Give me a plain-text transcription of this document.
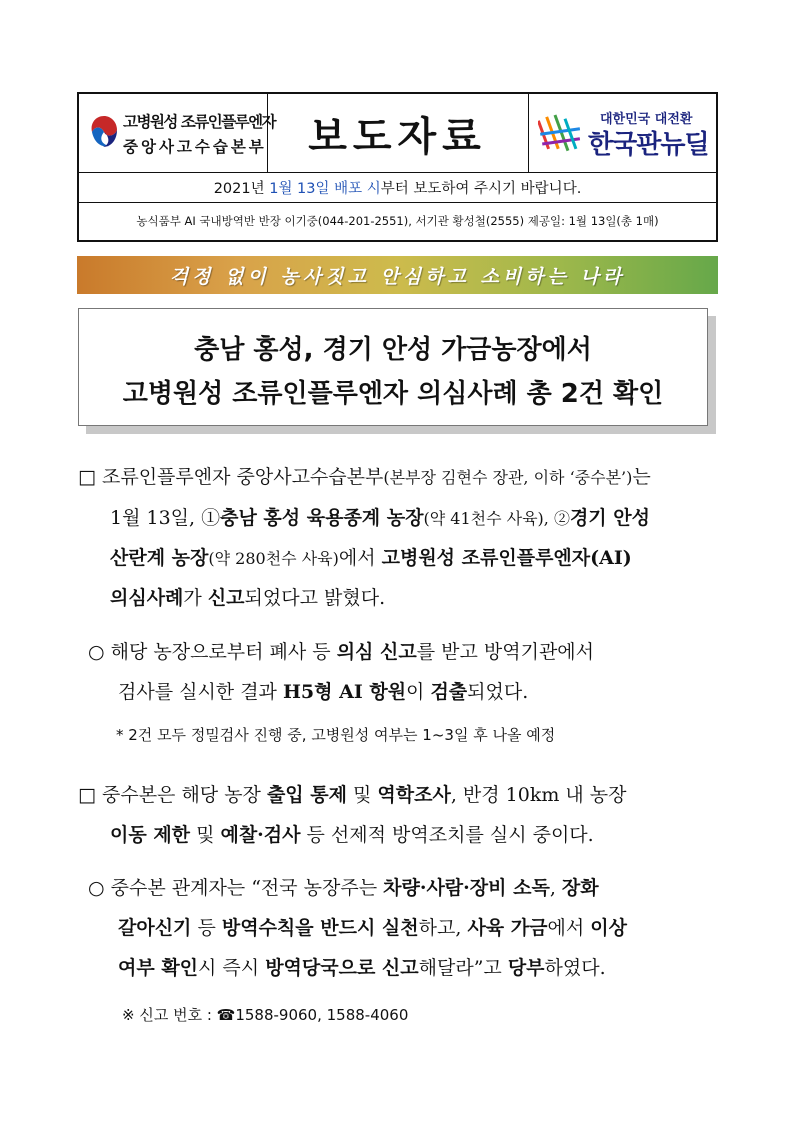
고병원성 조류인플루엔자
중앙사고수습본부 보도자료	대한민국 대전환
한국판뉴딜
2021년
1월 13일
배포 시 부터 보도하여 주시기 바랍니다.
농식품부 AI 국내방역반 반장 이기중(044-201-2551), 서기관 황성철(2555) 제공일: 1월 13일(총 1매)
걱정 없이 농사짓고 안심하고 소비하는 나라
충남 홍성, 경기 안성 가금농장에서
고병원성 조류인플루엔자 의심사례 총 2건 확인
□ 조류인플루엔자 중앙사고수습본부(본부장 김현수 장관, 이하 ‘중수본’)는
1월 13일, ①충남 홍성 육용종계 농장(약 41천수 사육), ②경기 안성
산란계 농장(약 280천수 사육)에서 고병원성 조류인플루엔자(AI)
의심사례가 신고되었다고 밝혔다.
○ 해당 농장으로부터 폐사 등 의심 신고를 받고 방역기관에서
검사를 실시한 결과 H5형 AI 항원이 검출되었다.
* 2건 모두 정밀검사 진행 중, 고병원성 여부는 1~3일 후 나올 예정
□ 중수본은 해당 농장 출입 통제 및 역학조사, 반경 10km 내 농장
이동 제한 및 예찰·검사 등 선제적 방역조치를 실시 중이다.
○ 중수본 관계자는 “전국 농장주는 차량·사람·장비 소독, 장화
갈아신기 등 방역수칙을 반드시 실천하고, 사육 가금에서 이상
여부 확인시 즉시 방역당국으로 신고해달라”고 당부하였다.
※ 신고 번호 : ☎1588-9060, 1588-4060
